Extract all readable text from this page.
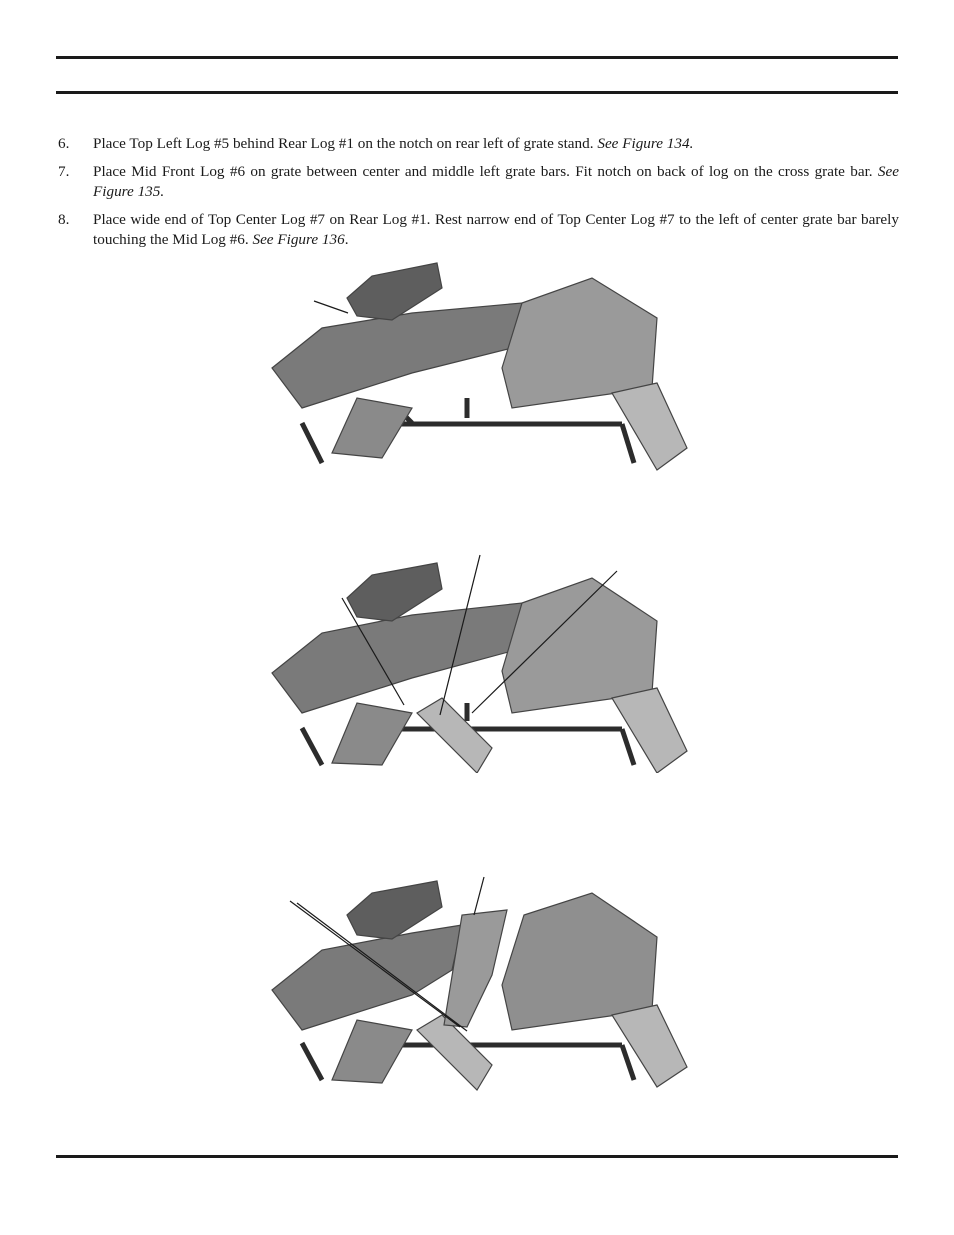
6. Place Top Left Log #5 behind Rear Log #1 on the notch on rear left of grate stand. See Figure 134.
7. Place Mid Front Log #6 on grate between center and middle left grate bars. Fit notch on back of log on the cross grate bar. See Figure 135.
8. Place wide end of Top Center Log #7 on Rear Log #1. Rest narrow end of Top Center Log #7 to the left of center grate bar barely touching the Mid Log #6. See Figure 136.
